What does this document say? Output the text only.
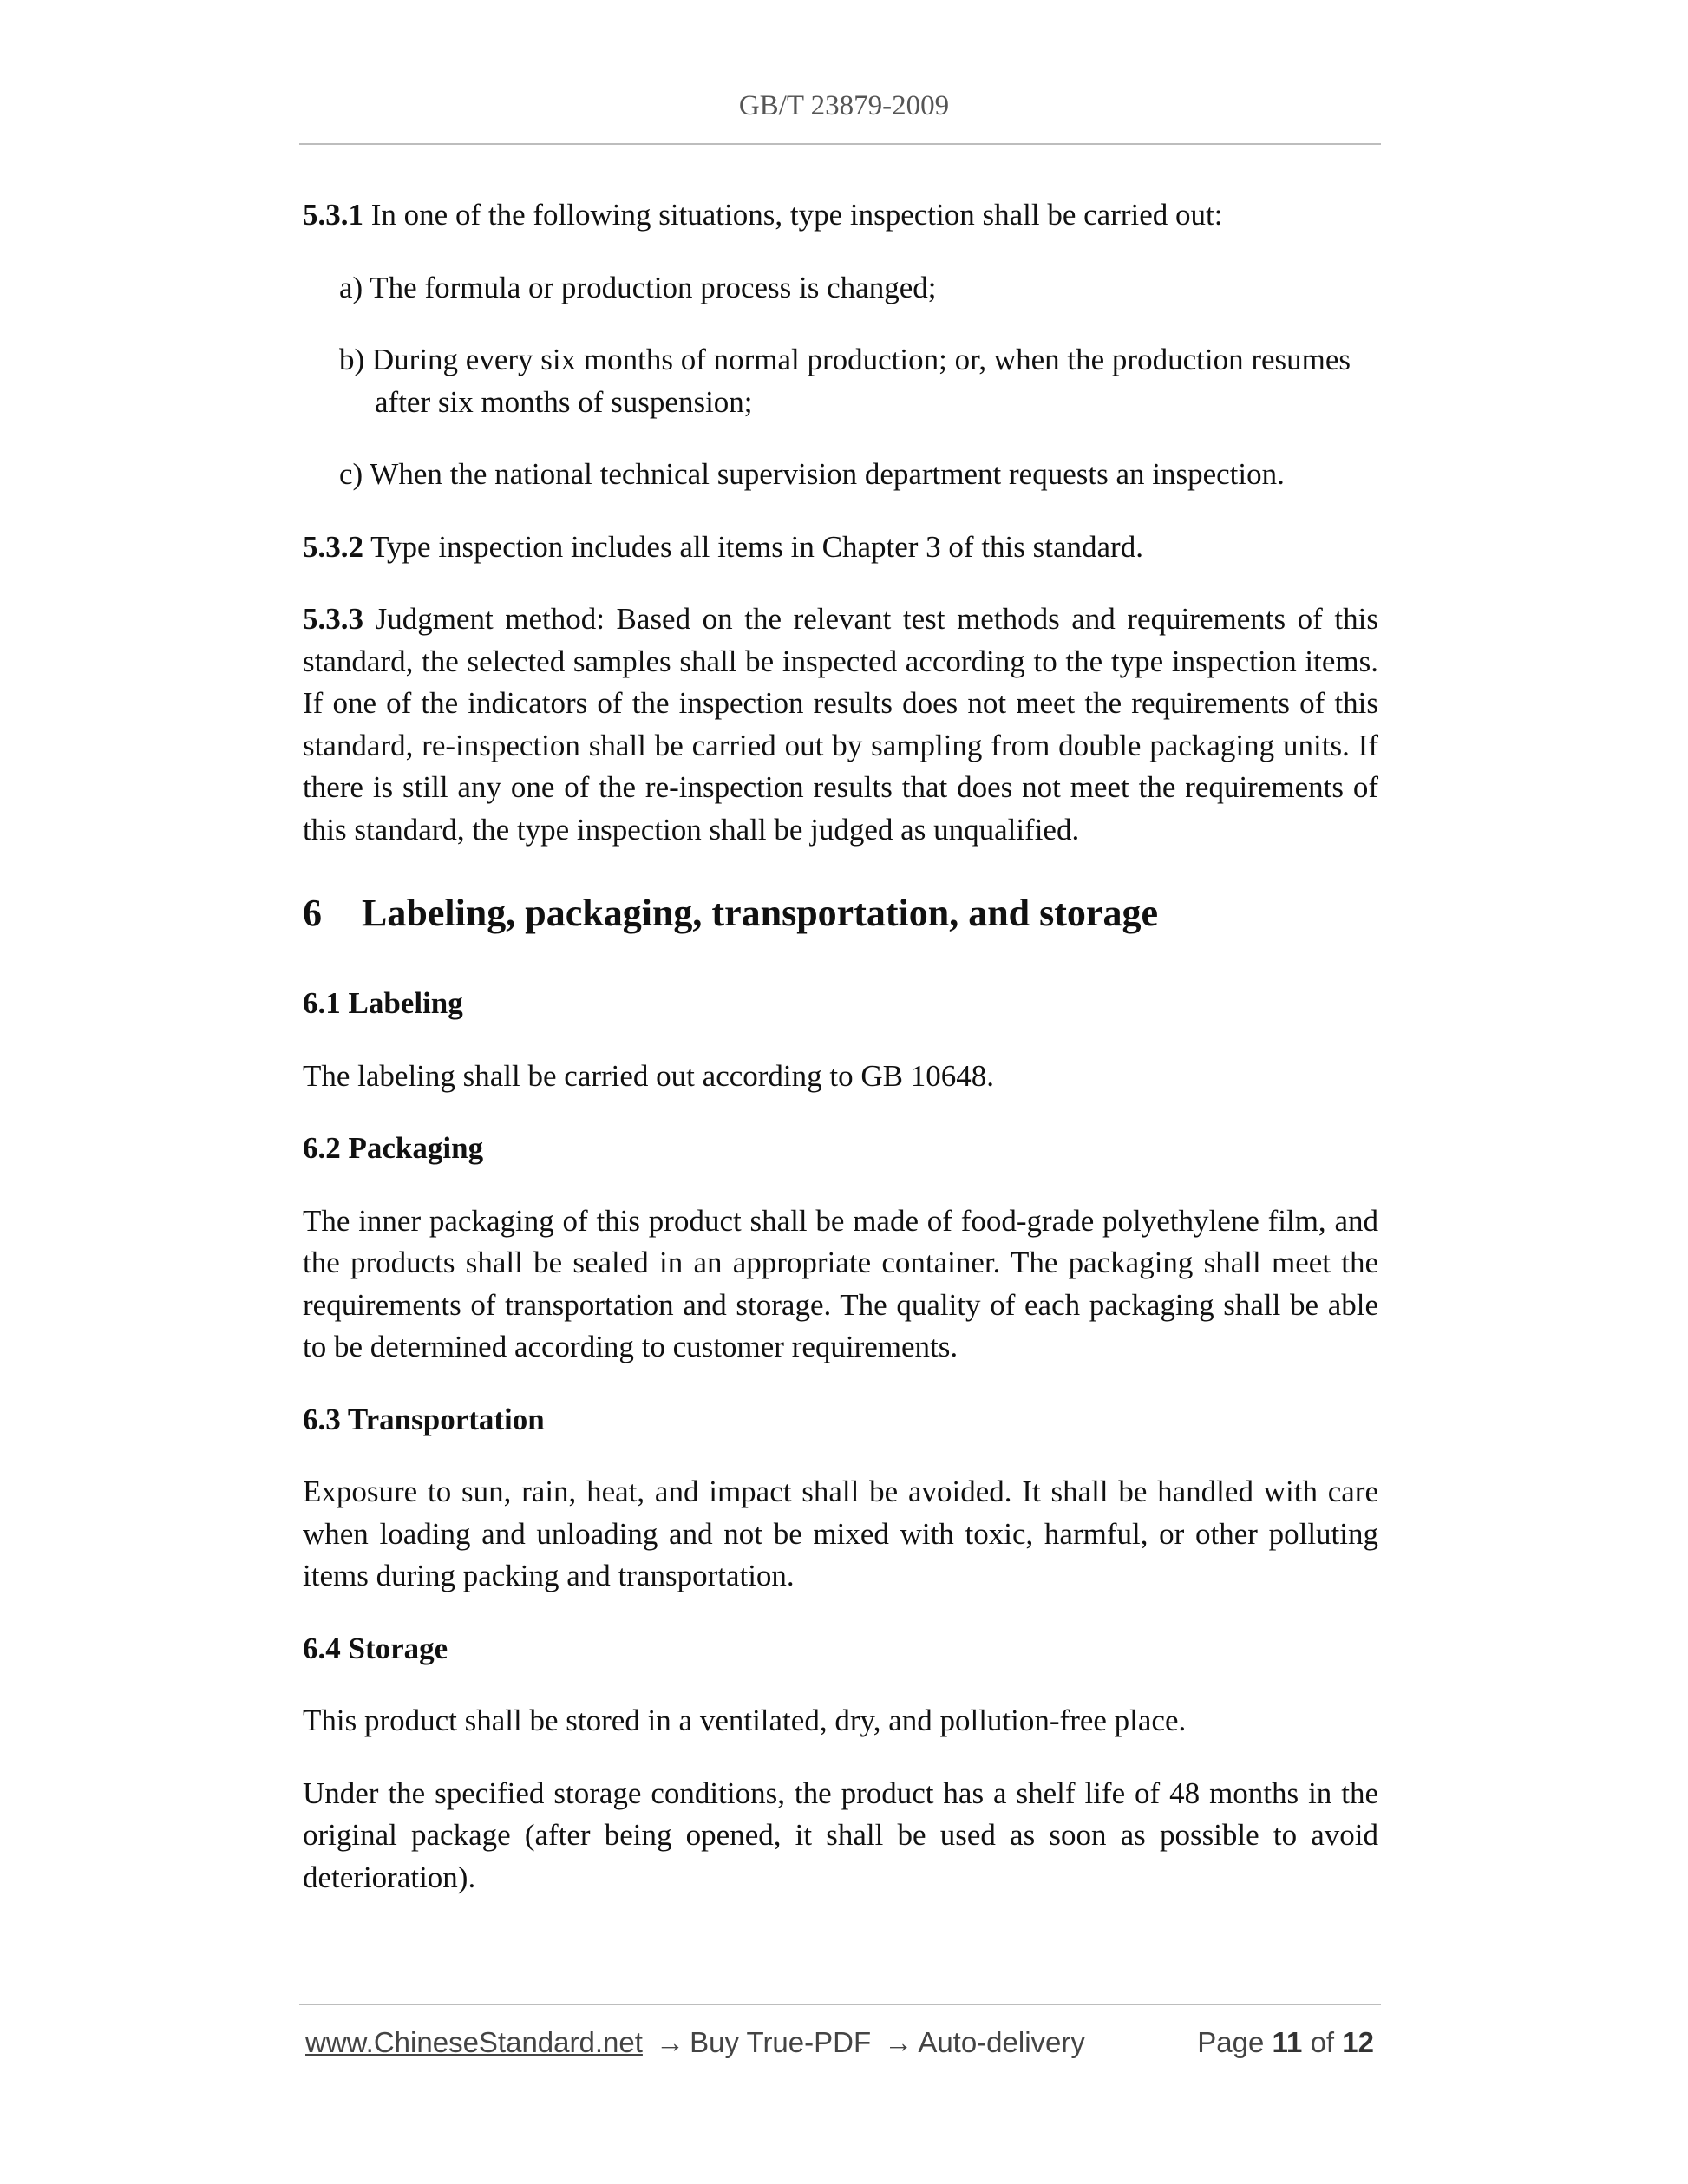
GB/T 23879-2009

5.3.1 In one of the following situations, type inspection shall be carried out:

a) The formula or production process is changed;
b) During every six months of normal production; or, when the production resumes after six months of suspension;
c) When the national technical supervision department requests an inspection.

5.3.2 Type inspection includes all items in Chapter 3 of this standard.

5.3.3 Judgment method: Based on the relevant test methods and requirements of this standard, the selected samples shall be inspected according to the type inspection items. If one of the indicators of the inspection results does not meet the requirements of this standard, re-inspection shall be carried out by sampling from double packaging units. If there is still any one of the re-inspection results that does not meet the requirements of this standard, the type inspection shall be judged as unqualified.

6	Labeling, packaging, transportation, and storage
6.1 Labeling

The labeling shall be carried out according to GB 10648.

6.2 Packaging

The inner packaging of this product shall be made of food-grade polyethylene film, and the products shall be sealed in an appropriate container. The packaging shall meet the requirements of transportation and storage. The quality of each packaging shall be able to be determined according to customer requirements.

6.3 Transportation

Exposure to sun, rain, heat, and impact shall be avoided. It shall be handled with care when loading and unloading and not be mixed with toxic, harmful, or other polluting items during packing and transportation.

6.4 Storage

This product shall be stored in a ventilated, dry, and pollution-free place.

Under the specified storage conditions, the product has a shelf life of 48 months in the original package (after being opened, it shall be used as soon as possible to avoid deterioration).

www.ChineseStandard.net → Buy True-PDF → Auto-delivery	Page 11 of 12
